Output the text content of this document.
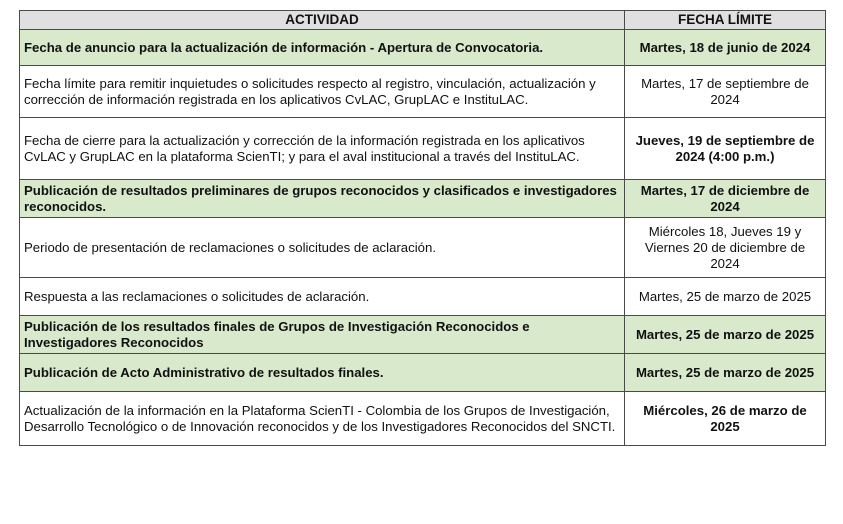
ACTIVIDAD	FECHA LÍMITE
Fecha de anuncio para la actualización de información - Apertura de Convocatoria.	Martes, 18 de junio de 2024
Fecha límite para remitir inquietudes o solicitudes respecto al registro, vinculación, actualización y corrección de información registrada en los aplicativos CvLAC, GrupLAC e InstituLAC.	Martes, 17 de septiembre de 2024
Fecha de cierre para la actualización y corrección de la información registrada en los aplicativos CvLAC y GrupLAC en la plataforma ScienTI; y para el aval institucional a través del InstituLAC.	Jueves, 19 de septiembre de 2024 (4:00 p.m.)
Publicación de resultados preliminares de grupos reconocidos y clasificados e investigadores reconocidos.	Martes, 17 de diciembre de 2024
Periodo de presentación de reclamaciones o solicitudes de aclaración.	Miércoles 18, Jueves 19 y Viernes 20 de diciembre de 2024
Respuesta a las reclamaciones o solicitudes de aclaración.	Martes, 25 de marzo de 2025
Publicación de los resultados finales de Grupos de Investigación Reconocidos e Investigadores Reconocidos	Martes, 25 de marzo de 2025
Publicación de Acto Administrativo de resultados finales.	Martes, 25 de marzo de 2025
Actualización de la información en la Plataforma ScienTI - Colombia de los Grupos de Investigación, Desarrollo Tecnológico o de Innovación reconocidos y de los Investigadores Reconocidos del SNCTI.	Miércoles, 26 de marzo de 2025
